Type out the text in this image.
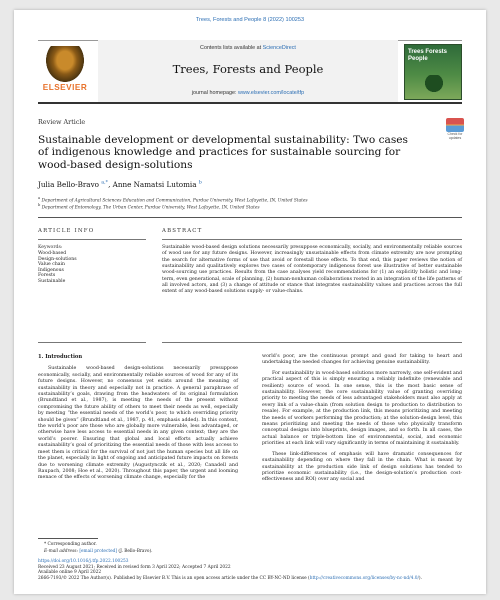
Trees, Forests and People 8 (2022) 100253
ELSEVIER
Contents lists available at ScienceDirect
Trees, Forests and People
journal homepage: www.elsevier.com/locate/tfp
Trees Forests People
Review Article
Check for updates
Sustainable development or developmental sustainability: Two cases of indigenous knowledge and practices for sustainable sourcing for wood-based design-solutions
Julia Bello-Bravo $^{a,*}$, Anne Namatsi Lutomia $^b$
$^a$ Department of Agricultural Sciences Education and Communication, Purdue University, West Lafayette, IN, United States
$^b$ Department of Entomology, The Urban Center, Purdue University, West Lafayette, IN, United States
ARTICLE INFO	ABSTRACT
Keywords:
Wood-based
Design-solutions
Value chain
Indigenous
Forests
Sustainable
Sustainable wood-based design solutions necessarily presuppose economically, socially, and environmentally reliable sources of wood use for any future designs. However, increasingly unsustainable effects from climate extremity are now prompting the search for alternative forms of use that avoid or forestall those effects. To that end, this paper reviews the notion of sustainability and qualitatively explores two cases of contemporary indigenous forest use illustrative of better sustainable wood-sourcing use practices. Results from the case analyses yield recommendations for (1) an explicitly holistic and long-term, even generational, scale of planning, (2) human-nonhuman collaborations rooted in an integration of the life patterns of all involved actors, and (3) a change of attitude or stance that integrates sustainability values and practices across the full extent of any wood-based solutions supply- or value-chains.
1. Introduction

Sustainable wood-based design-solutions necessarily presuppose economically, socially, and environmentally reliable sources of wood for any of its future designs. However, no consensus yet exists around the meaning of sustainability in theory and especially not in practice. A general paraphrase of sustainability’s goals, drawing from the headwaters of its original formulation (Brundtland et al., 1987), is meeting the needs of the present without compromising the future ability of others to meet their needs as well, especially by meeting “the essential needs of the world’s poor, to which overriding priority should be given” (Brundtland et al., 1987, p. 41, emphasis added). In this context, the world’s poor are those who are globally more vulnerable, less advantaged, or otherwise have less access to essential needs in any given context; they are the world’s poorer. Ensuring that global and local efforts actually achieve sustainability’s goal of prioritizing the essential needs of those with less access to meet them is critical for the survival of not just the human species but all life on the planet, especially in light of ongoing and anticipated future impacts on forests due to worsening climate extremity (Augustynczik et al., 2020; Canadell and Raupach, 2008; Hoe et al., 2020). Throughout this paper, the urgent and looming menace of the effects of worsening climate change, especially for the

world’s poor, are the continuous prompt and goad for taking to heart and undertaking the needed changes for achieving genuine sustainability.

For sustainability in wood-based solutions more narrowly, one self-evident and practical aspect of this is simply ensuring a reliably indefinite (renewable and resilient) source of wood. In one sense, this is the most basic sense of sustainability. However, the core sustainability value of granting overriding priority to meeting the needs of less advantaged stakeholders must also apply at every link of a value-chain (from solution design to production to distribution to resale). For example, at the production link, this means prioritizing and meeting the needs of workers performing the production; at the solution-design level, this means prioritizing and meeting the needs of those who physically transform conceptual designs into blueprints, design images, and so forth. In all cases, the actual balance or triple-bottom line of environmental, social, and economic priorities at each link will vary significantly in terms of maintaining it sustainably.

These link-differences of emphasis will have dramatic consequences for sustainability depending on where they fall in the chain. What is meant by sustainability at the production side link of design solutions has tended to prioritize economic sustainability (i.e., the design-solution’s production cost-effectiveness and ROI) over any social and

* Corresponding author.
E-mail address: [email protected] (J. Bello-Bravo).
https://doi.org/10.1016/j.tfp.2022.100253
Received 23 August 2021; Received in revised form 3 April 2022; Accepted 7 April 2022
Available online 9 April 2022
2666-7193/© 2022 The Author(s). Published by Elsevier B.V. This is an open access article under the CC BY-NC-ND license (http://creativecommons.org/licenses/by-nc-nd/4.0/).
